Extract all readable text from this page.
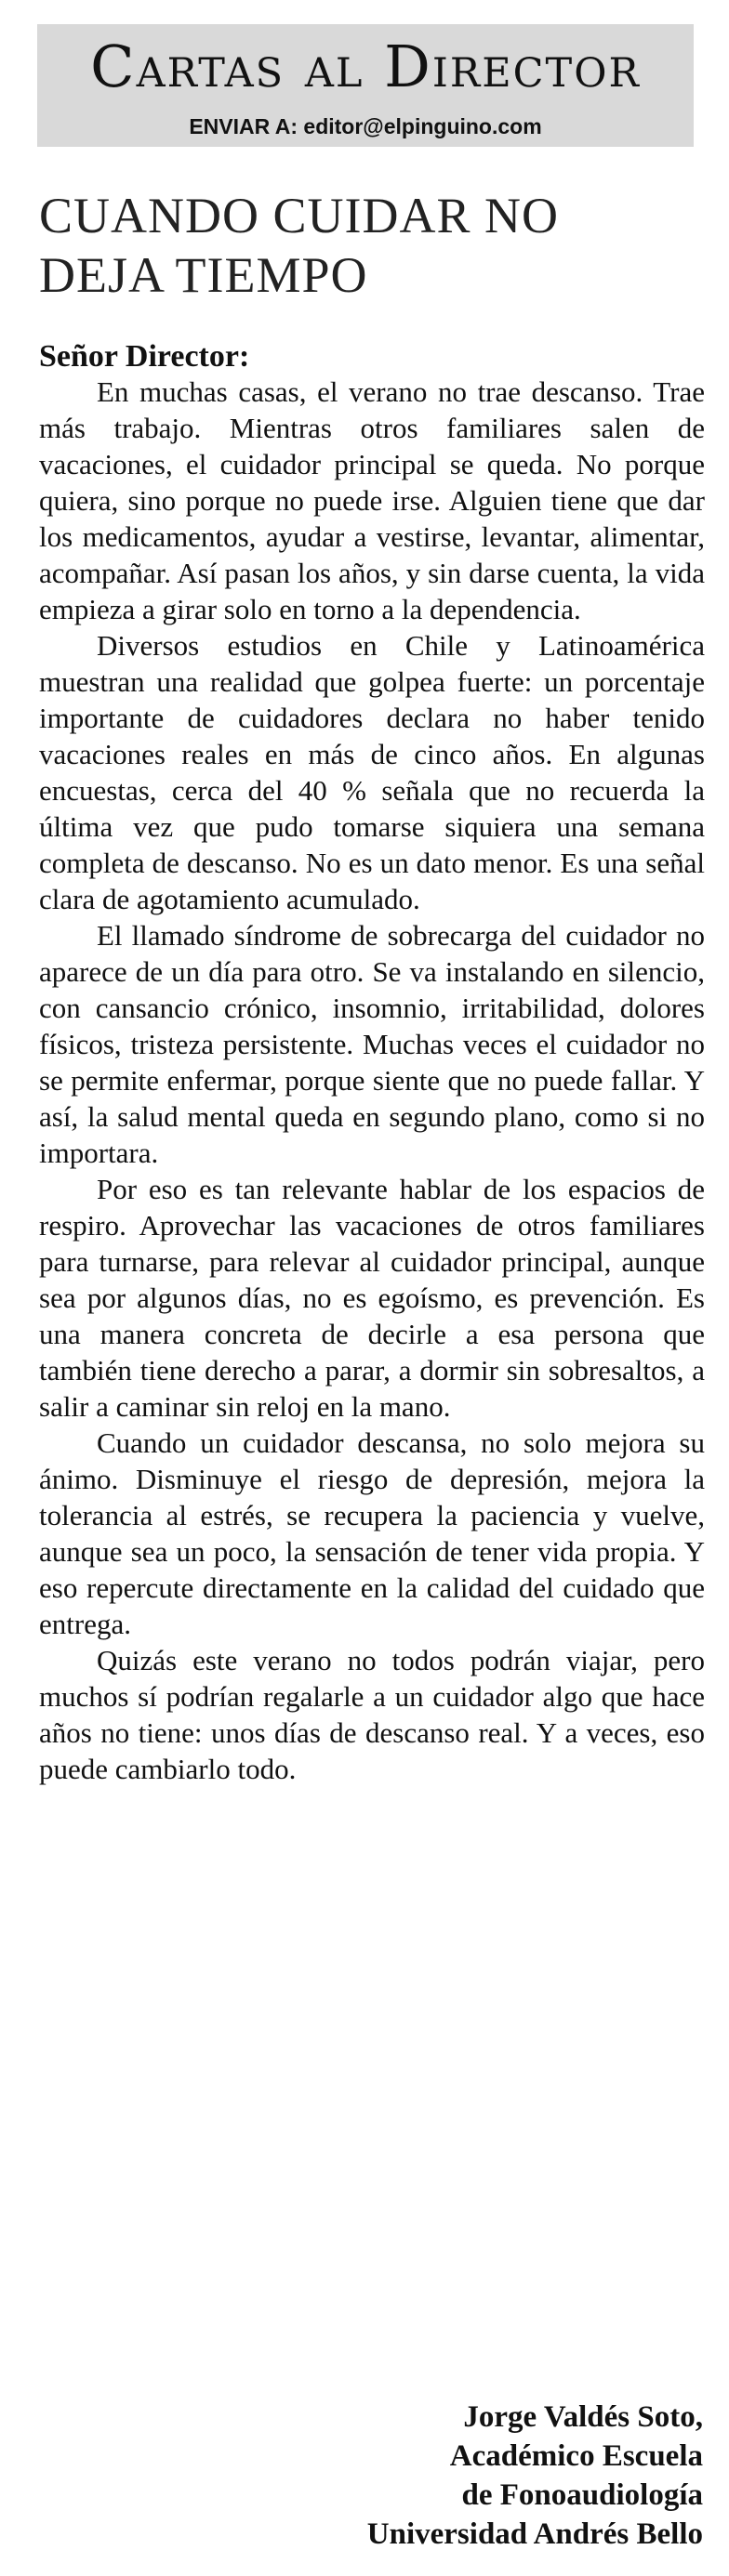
Cartas al Director
ENVIAR A: editor@elpinguino.com
CUANDO CUIDAR NO DEJA TIEMPO
Señor Director:

En muchas casas, el verano no trae descanso. Trae más trabajo. Mientras otros familiares salen de vacaciones, el cuidador principal se queda. No porque quiera, sino porque no puede irse. Alguien tiene que dar los medicamentos, ayudar a vestirse, levantar, alimentar, acompañar. Así pasan los años, y sin darse cuenta, la vida empieza a girar solo en torno a la dependencia.

Diversos estudios en Chile y Latinoamérica muestran una realidad que golpea fuerte: un porcentaje importante de cuidadores declara no haber tenido vacaciones reales en más de cinco años. En algunas encuestas, cerca del 40 % señala que no recuerda la última vez que pudo tomarse siquiera una semana completa de descanso. No es un dato menor. Es una señal clara de agotamiento acumulado.

El llamado síndrome de sobrecarga del cuidador no aparece de un día para otro. Se va instalando en silencio, con cansancio crónico, insomnio, irritabilidad, dolores físicos, tristeza persistente. Muchas veces el cuidador no se permite enfermar, porque siente que no puede fallar. Y así, la salud mental queda en segundo plano, como si no importara.

Por eso es tan relevante hablar de los espacios de respiro. Aprovechar las vacaciones de otros familiares para turnarse, para relevar al cuidador principal, aunque sea por algunos días, no es egoísmo, es prevención. Es una manera concreta de decirle a esa persona que también tiene derecho a parar, a dormir sin sobresaltos, a salir a caminar sin reloj en la mano.

Cuando un cuidador descansa, no solo mejora su ánimo. Disminuye el riesgo de depresión, mejora la tolerancia al estrés, se recupera la paciencia y vuelve, aunque sea un poco, la sensación de tener vida propia. Y eso repercute directamente en la calidad del cuidado que entrega.

Quizás este verano no todos podrán viajar, pero muchos sí podrían regalarle a un cuidador algo que hace años no tiene: unos días de descanso real. Y a veces, eso puede cambiarlo todo.

Jorge Valdés Soto,
Académico Escuela
de Fonoaudiología
Universidad Andrés Bello
